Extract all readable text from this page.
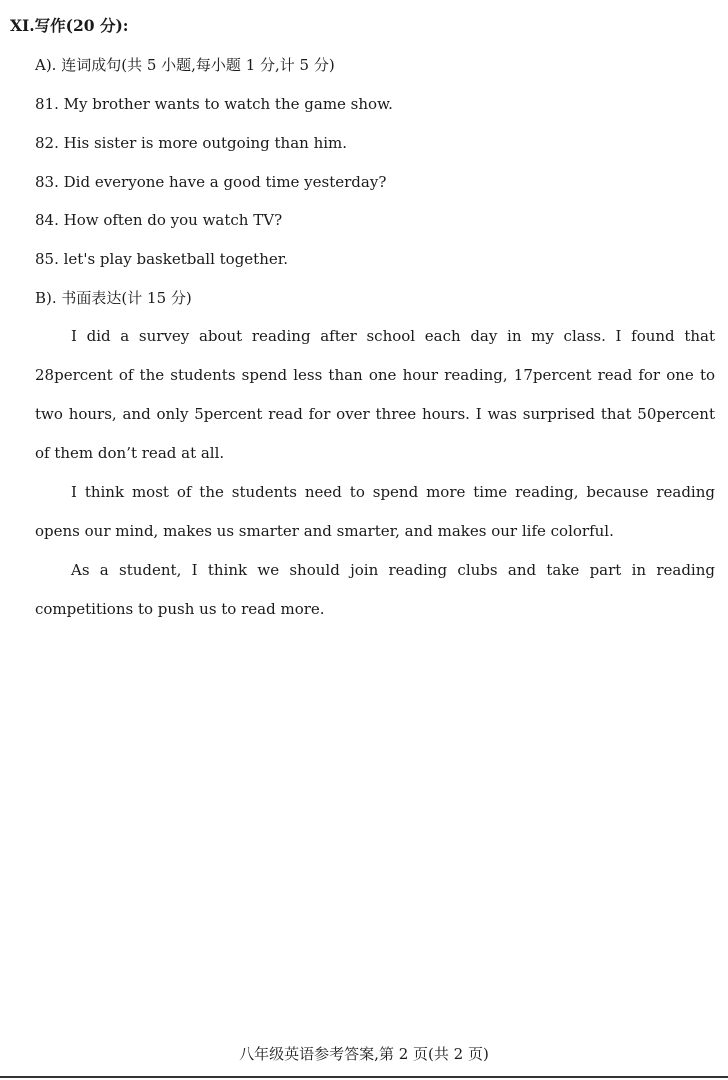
XI.写作(20 分):
A). 连词成句(共 5 小题,每小题 1 分,计 5 分)
81. My brother wants to watch the game show.
82. His sister is more outgoing than him.
83. Did everyone have a good time yesterday?
84. How often do you watch TV?
85. let's play basketball together.
B). 书面表达(计 15 分)
I did a survey about reading after school each day in my class. I found that 28percent of the students spend less than one hour reading, 17percent read for one to two hours, and only 5percent read for over three hours. I was surprised that 50percent of them don’t read at all.
I think most of the students need to spend more time reading, because reading opens our mind, makes us smarter and smarter, and makes our life colorful.
As a student, I think we should join reading clubs and take part in reading competitions to push us to read more.
八年级英语参考答案,第 2 页(共 2 页)
